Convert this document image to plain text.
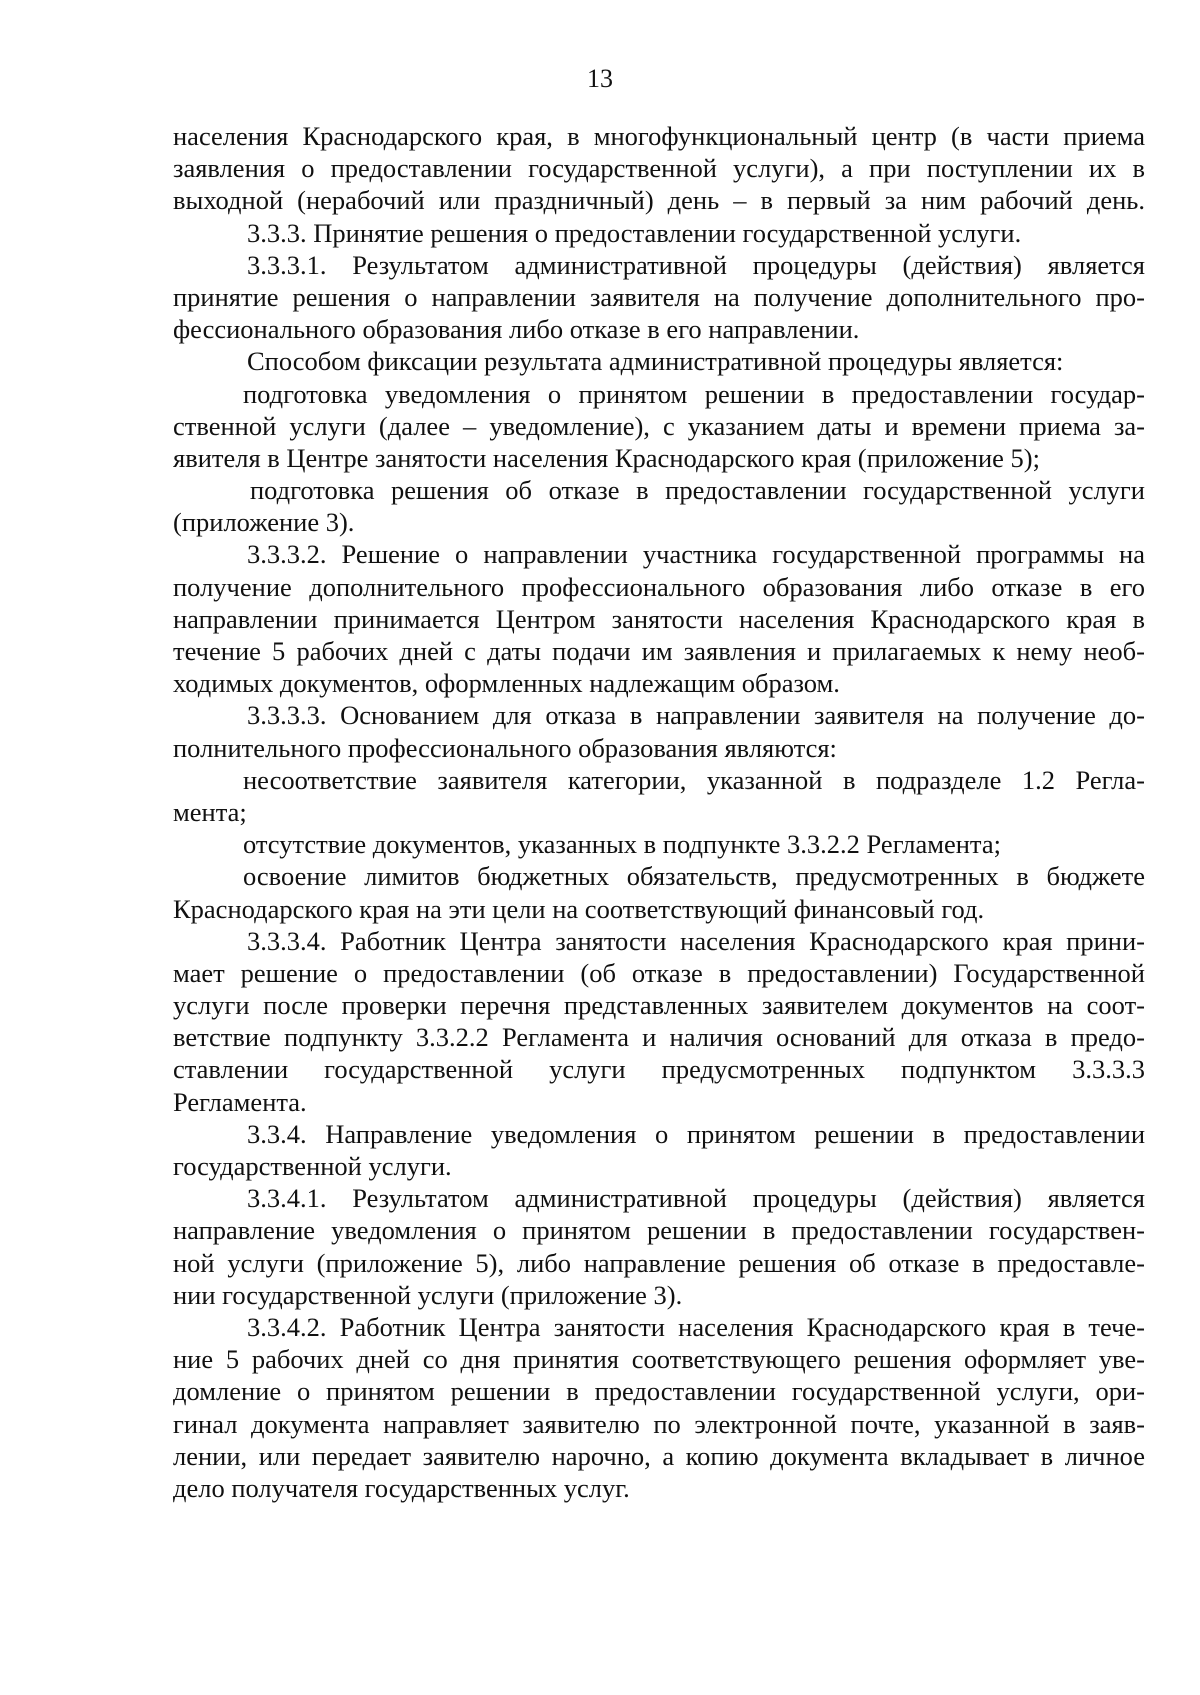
13
населения Краснодарского края, в многофункциональный центр (в части приема
заявления о предоставлении государственной услуги), а при поступлении их в
выходной (нерабочий или праздничный) день – в первый за ним рабочий день.
3.3.3. Принятие решения о предоставлении государственной услуги.
3.3.3.1. Результатом административной процедуры (действия) является
принятие решения о направлении заявителя на получение дополнительного про-
фессионального образования либо отказе в его направлении.
Способом фиксации результата административной процедуры является:
подготовка уведомления о принятом решении в предоставлении государ-
ственной услуги (далее – уведомление), с указанием даты и времени приема за-
явителя в Центре занятости населения Краснодарского края (приложение 5);
подготовка решения об отказе в предоставлении государственной услуги
(приложение 3).
3.3.3.2. Решение о направлении участника государственной программы на
получение дополнительного профессионального образования либо отказе в его
направлении принимается Центром занятости населения Краснодарского края в
течение 5 рабочих дней с даты подачи им заявления и прилагаемых к нему необ-
ходимых документов, оформленных надлежащим образом.
3.3.3.3. Основанием для отказа в направлении заявителя на получение до-
полнительного профессионального образования являются:
несоответствие заявителя категории, указанной в подразделе 1.2 Регла-
мента;
отсутствие документов, указанных в подпункте 3.3.2.2 Регламента;
освоение лимитов бюджетных обязательств, предусмотренных в бюджете
Краснодарского края на эти цели на соответствующий финансовый год.
3.3.3.4. Работник Центра занятости населения Краснодарского края прини-
мает решение о предоставлении (об отказе в предоставлении) Государственной
услуги после проверки перечня представленных заявителем документов на соот-
ветствие подпункту 3.3.2.2 Регламента и наличия оснований для отказа в предо-
ставлении государственной услуги предусмотренных подпунктом 3.3.3.3
Регламента.
3.3.4. Направление уведомления о принятом решении в предоставлении
государственной услуги.
3.3.4.1. Результатом административной процедуры (действия) является
направление уведомления о принятом решении в предоставлении государствен-
ной услуги (приложение 5), либо направление решения об отказе в предоставле-
нии государственной услуги (приложение 3).
3.3.4.2. Работник Центра занятости населения Краснодарского края в тече-
ние 5 рабочих дней со дня принятия соответствующего решения оформляет уве-
домление о принятом решении в предоставлении государственной услуги, ори-
гинал документа направляет заявителю по электронной почте, указанной в заяв-
лении, или передает заявителю нарочно, а копию документа вкладывает в личное
дело получателя государственных услуг.
